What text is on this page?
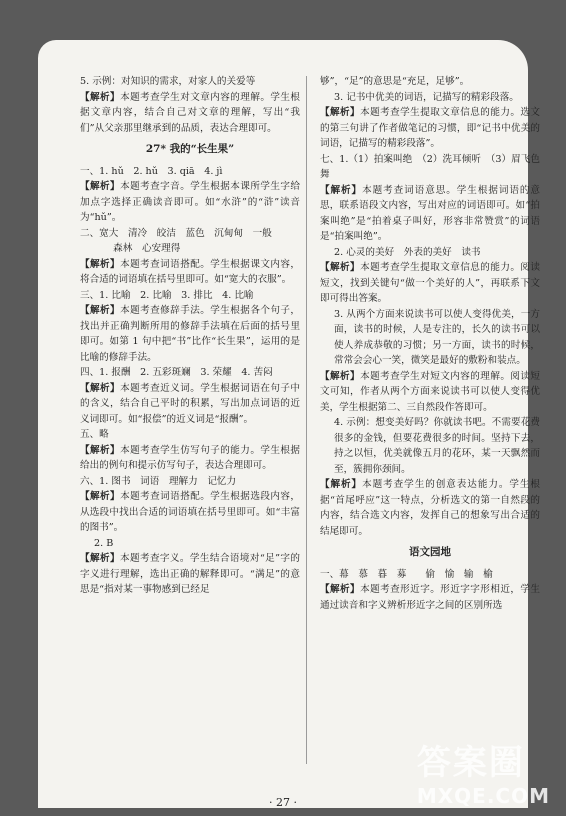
5. 示例：对知识的需求，对家人的关爱等

【解析】本题考查学生对文章内容的理解。学生根据文章内容，结合自己对文章的理解，写出“我们”从父亲那里继承到的品质，表达合理即可。

27* 我的“长生果”

一、1. hǔ　2. hǔ　3. qiā　4. jì

【解析】本题考查字音。学生根据本课所学生字给加点字选择正确读音即可。如“水浒”的“浒”读音为“hǔ”。

二、宽大　清冷　皎洁　蓝色　沉甸甸　一般

　　森林　心安理得

【解析】本题考查词语搭配。学生根据课文内容，将合适的词语填在括号里即可。如“宽大的衣服”。

三、1. 比喻　2. 比喻　3. 排比　4. 比喻

【解析】本题考查修辞手法。学生根据各个句子，找出并正确判断所用的修辞手法填在后面的括号里即可。如第 1 句中把“书”比作“长生果”，运用的是比喻的修辞手法。

四、1. 报酬　2. 五彩斑斓　3. 荣耀　4. 苦闷

【解析】本题考查近义词。学生根据词语在句子中的含义，结合自己平时的积累，写出加点词语的近义词即可。如“报偿”的近义词是“报酬”。

五、略

【解析】本题考查学生仿写句子的能力。学生根据给出的例句和提示仿写句子，表达合理即可。

六、1. 图书　词语　理解力　记忆力

【解析】本题考查词语搭配。学生根据选段内容，从选段中找出合适的词语填在括号里即可。如“丰富的图书”。

2. B

【解析】本题考查字义。学生结合语境对“足”字的字义进行理解，选出正确的解释即可。“满足”的意思是“指对某一事物感到已经足

够”，“足”的意思是“充足，足够”。

3. 记书中优美的词语，记描写的精彩段落。

【解析】本题考查学生提取文章信息的能力。选文的第三句讲了作者做笔记的习惯，即“记书中优美的词语，记描写的精彩段落”。

七、1.（1）拍案叫绝　（2）洗耳倾听　（3）眉飞色舞

【解析】本题考查词语意思。学生根据词语的意思，联系语段文内容，写出对应的词语即可。如“拍案叫绝”是“拍着桌子叫好，形容非常赞赏”的词语是“拍案叫绝”。

2. 心灵的美好　外表的美好　读书

【解析】本题考查学生提取文章信息的能力。阅读短文，找到关键句“做一个美好的人”，再联系下文即可得出答案。

3. 从两个方面来说读书可以使人变得优美，一方面，读书的时候，人是专注的，长久的读书可以使人养成恭敬的习惯；另一方面，读书的时候，常常会会心一笑，微笑是最好的敷粉和装点。

【解析】本题考查学生对短文内容的理解。阅读短文可知，作者从两个方面来说读书可以使人变得优美，学生根据第二、三自然段作答即可。

4. 示例：想变美好吗？你就读书吧。不需要花费很多的金钱，但要花费很多的时间。坚持下去，持之以恒，优美就像五月的花环，某一天飘然而至，簇拥你颈间。

【解析】本题考查学生的创意表达能力。学生根据“首尾呼应”这一特点，分析选文的第一自然段的内容，结合选文内容，发挥自己的想象写出合适的结尾即可。

语文园地

一、幕　慕　暮　募　　偷　愉　输　榆

【解析】本题考查形近字。形近字字形相近，学生通过读音和字义辨析形近字之间的区别所选

· 27 ·
答案圈
MXQE.COM
